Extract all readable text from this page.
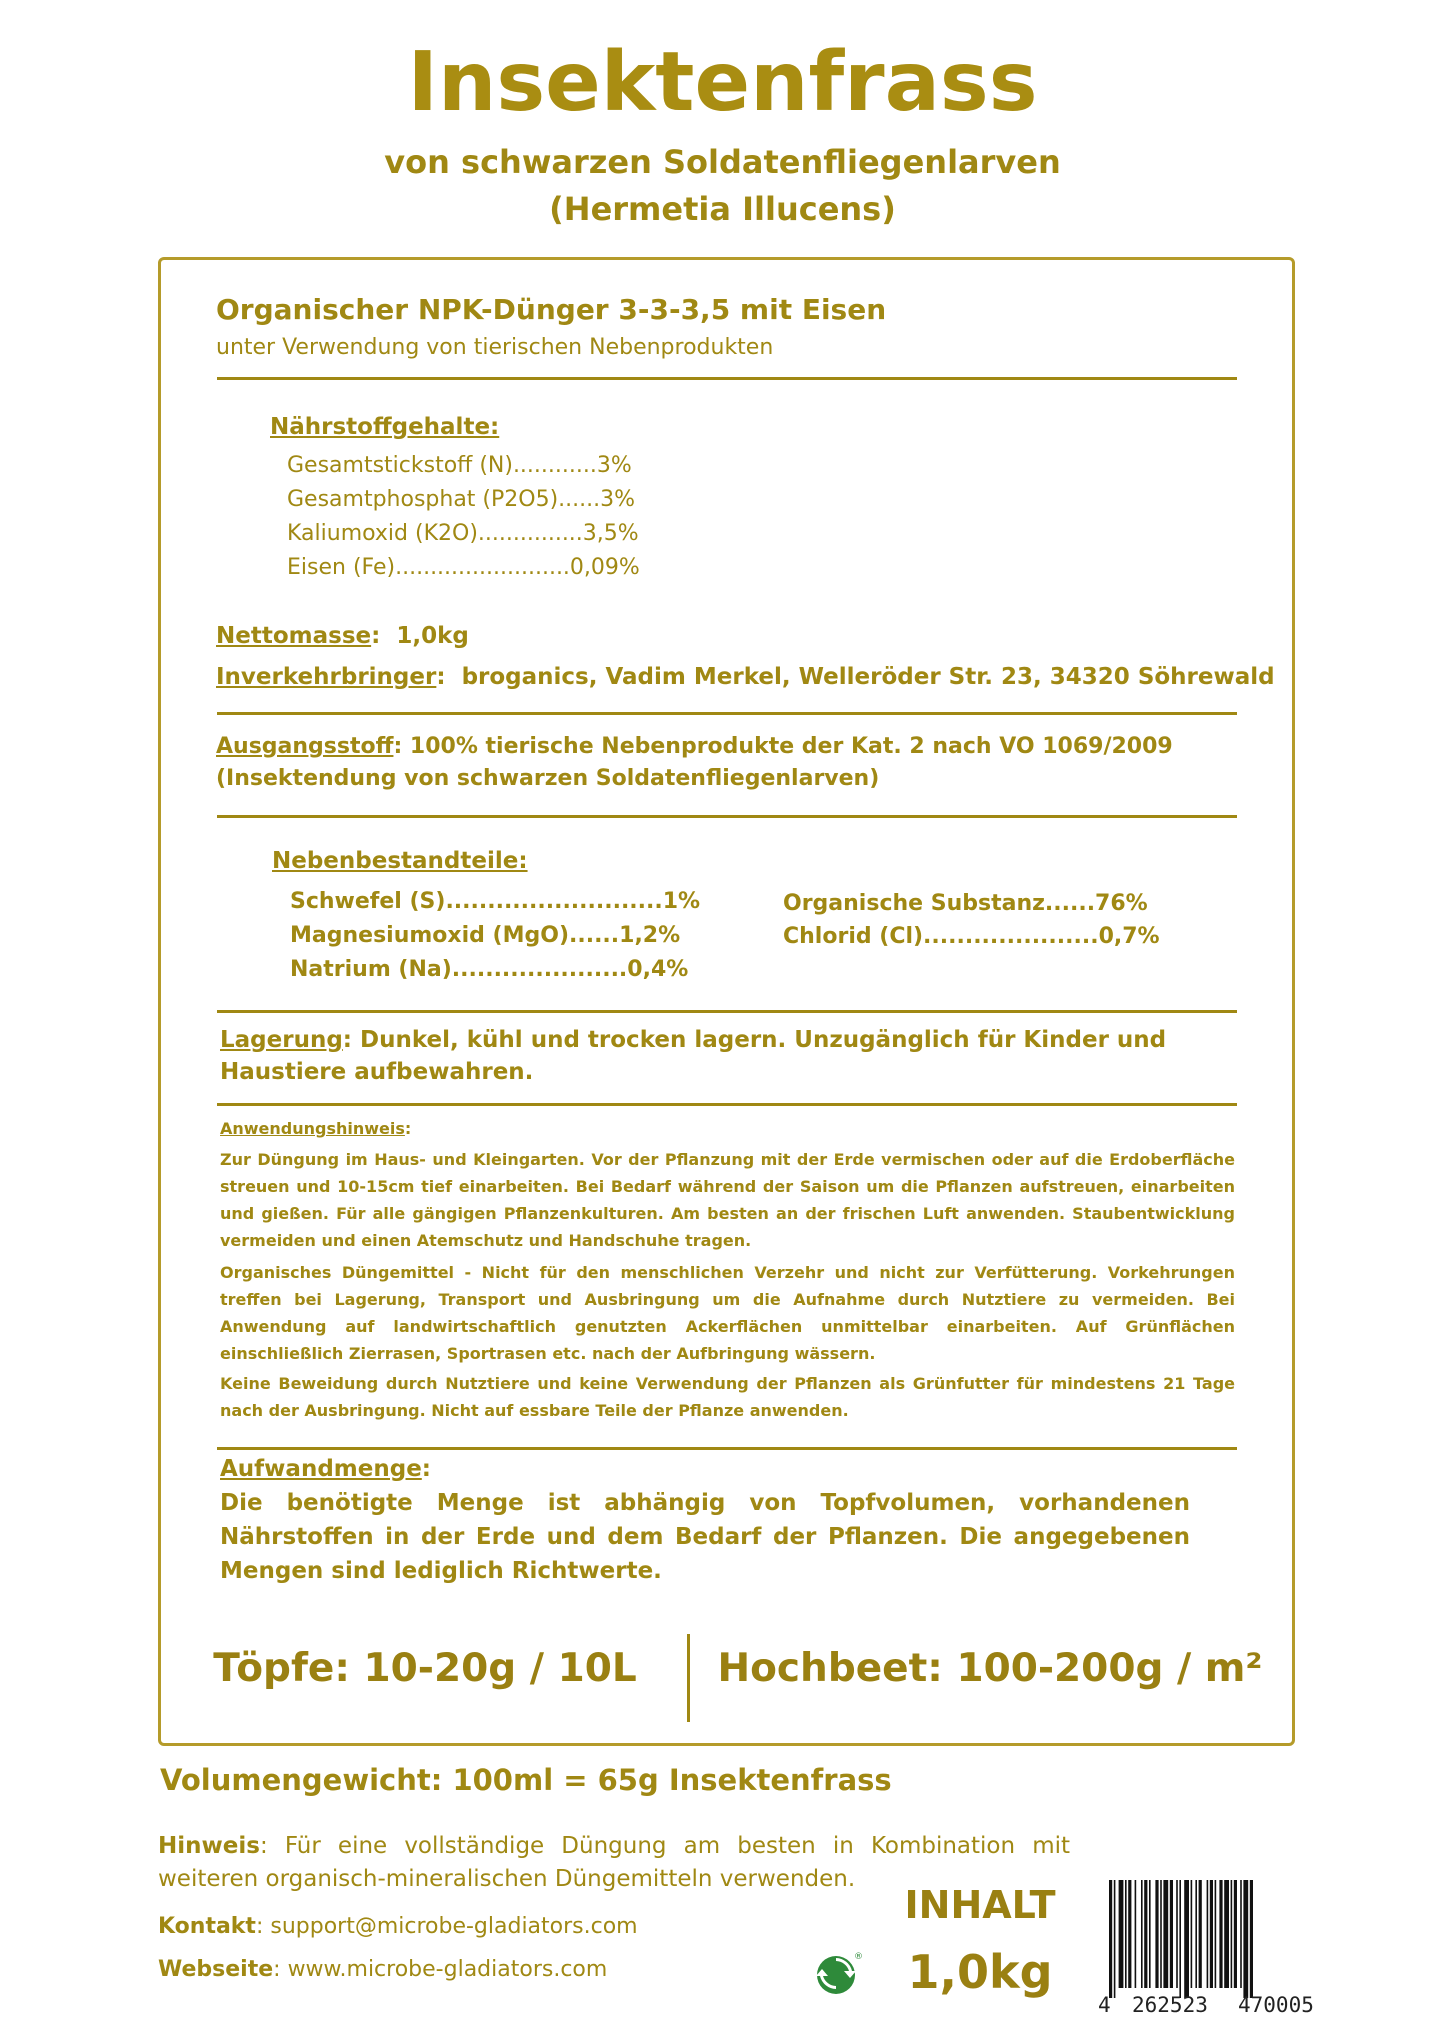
Insektenfrass
von schwarzen Soldatenfliegenlarven
(Hermetia Illucens)
Organischer NPK-Dünger 3-3-3,5 mit Eisen
unter Verwendung von tierischen Nebenprodukten
Nährstoffgehalte:
Gesamtstickstoff (N)............3%
Gesamtphosphat (P2O5)......3%
Kaliumoxid (K2O)...............3,5%
Eisen (Fe).........................0,09%
Nettomasse:  1,0kg
Inverkehrbringer:  broganics, Vadim Merkel, Welleröder Str. 23, 34320 Söhrewald
Ausgangsstoff: 100% tierische Nebenprodukte der Kat. 2 nach VO 1069/2009
(Insektendung von schwarzen Soldatenfliegenlarven)
Nebenbestandteile:
Schwefel (S)..........................1%
Magnesiumoxid (MgO)......1,2%
Natrium (Na).....................0,4%
Organische Substanz......76%
Chlorid (Cl).....................0,7%
Lagerung: Dunkel, kühl und trocken lagern. Unzugänglich für Kinder und Haustiere aufbewahren.
Anwendungshinweis:
Zur Düngung im Haus- und Kleingarten. Vor der Pflanzung mit der Erde vermischen oder auf die Erdoberfläche streuen und 10-15cm tief einarbeiten. Bei Bedarf während der Saison um die Pflanzen aufstreuen, einarbeiten und gießen. Für alle gängigen Pflanzenkulturen. Am besten an der frischen Luft anwenden. Staubentwicklung vermeiden und einen Atemschutz und Handschuhe tragen.
Organisches Düngemittel - Nicht für den menschlichen Verzehr und nicht zur Verfütterung. Vorkehrungen treffen bei Lagerung, Transport und Ausbringung um die Aufnahme durch Nutztiere zu vermeiden. Bei Anwendung auf landwirtschaftlich genutzten Ackerflächen unmittelbar einarbeiten. Auf Grünflächen einschließlich Zierrasen, Sportrasen etc. nach der Aufbringung wässern.
Keine Beweidung durch Nutztiere und keine Verwendung der Pflanzen als Grünfutter für mindestens 21 Tage nach der Ausbringung. Nicht auf essbare Teile der Pflanze anwenden.
Aufwandmenge:
Die benötigte Menge ist abhängig von Topfvolumen, vorhandenen Nährstoffen in der Erde und dem Bedarf der Pflanzen. Die angegebenen Mengen sind lediglich Richtwerte.
Töpfe: 10-20g / 10L	Hochbeet: 100-200g / m²
Volumengewicht: 100ml = 65g Insektenfrass
Hinweis: Für eine vollständige Düngung am besten in Kombination mit weiteren organisch-mineralischen Düngemitteln verwenden.
Kontakt: support@microbe-gladiators.com
Webseite: www.microbe-gladiators.com
INHALT
1,0kg
®
4 262523 470005
